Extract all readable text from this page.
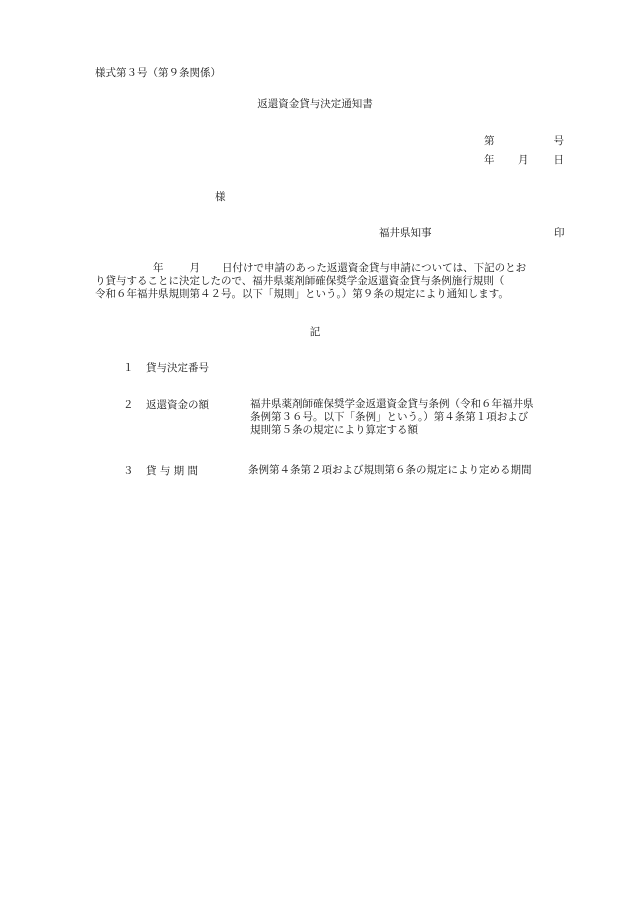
様式第３号（第９条関係）
返還資金貸与決定通知書
第	号
年 月 日
様
福井県知事	印
年 月 日付けで申請のあった返還資金貸与申請については、下記のとお
り貸与することに決定したので、福井県薬剤師確保奨学金返還資金貸与条例施行規則（
令和６年福井県規則第４２号。以下「規則」という。）第９条の規定により通知します。
記
１ 貸与決定番号
２ 返還資金の額	福井県薬剤師確保奨学金返還資金貸与条例（令和６年福井県
条例第３６号。以下「条例」という。）第４条第１項および
規則第５条の規定により算定する額
３ 貸 与 期 間	条例第４条第２項および規則第６条の規定により定める期間
